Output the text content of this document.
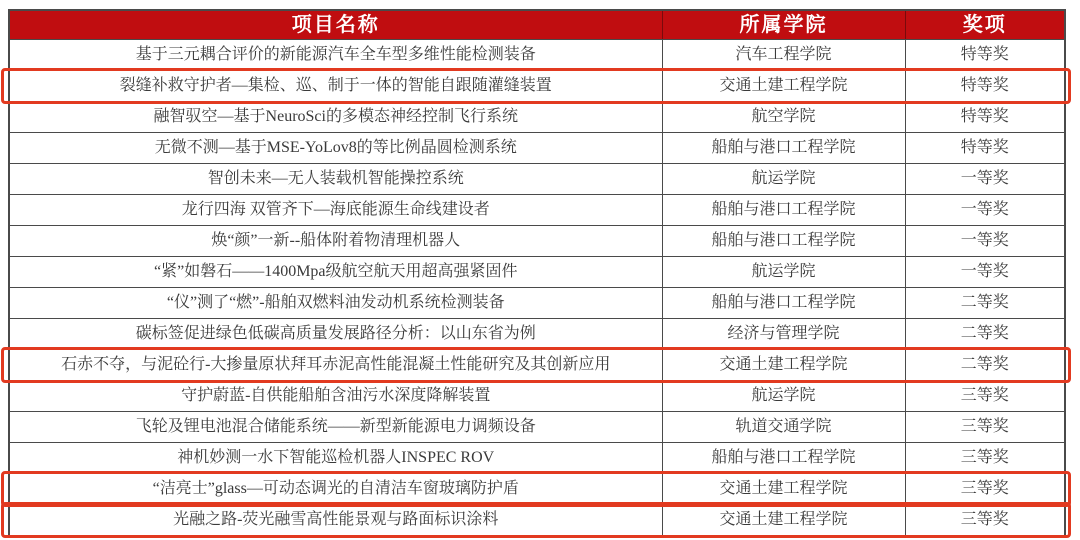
项目名称	所属学院	奖项
基于三元耦合评价的新能源汽车全车型多维性能检测装备	汽车工程学院	特等奖
裂缝补救守护者—集检、巡、制于一体的智能自跟随灌缝装置	交通土建工程学院	特等奖
融智驭空—基于NeuroSci的多模态神经控制飞行系统	航空学院	特等奖
无微不测—基于MSE-YoLov8的等比例晶圆检测系统	船舶与港口工程学院	特等奖
智创未来—无人装载机智能操控系统	航运学院	一等奖
龙行四海 双管齐下—海底能源生命线建设者	船舶与港口工程学院	一等奖
焕“颜”一新--船体附着物清理机器人	船舶与港口工程学院	一等奖
“紧”如磐石——1400Mpa级航空航天用超高强紧固件	航运学院	一等奖
“仪”测了“燃”-船舶双燃料油发动机系统检测装备	船舶与港口工程学院	二等奖
碳标签促进绿色低碳高质量发展路径分析：以山东省为例	经济与管理学院	二等奖
石赤不夺，与泥砼行-大掺量原状拜耳赤泥高性能混凝土性能研究及其创新应用	交通土建工程学院	二等奖
守护蔚蓝-自供能船舶含油污水深度降解装置	航运学院	三等奖
飞轮及锂电池混合储能系统——新型新能源电力调频设备	轨道交通学院	三等奖
神机妙测一水下智能巡检机器人INSPEC ROV	船舶与港口工程学院	三等奖
“洁亮士”glass—可动态调光的自清洁车窗玻璃防护盾	交通土建工程学院	三等奖
光融之路-荧光融雪高性能景观与路面标识涂料	交通土建工程学院	三等奖
